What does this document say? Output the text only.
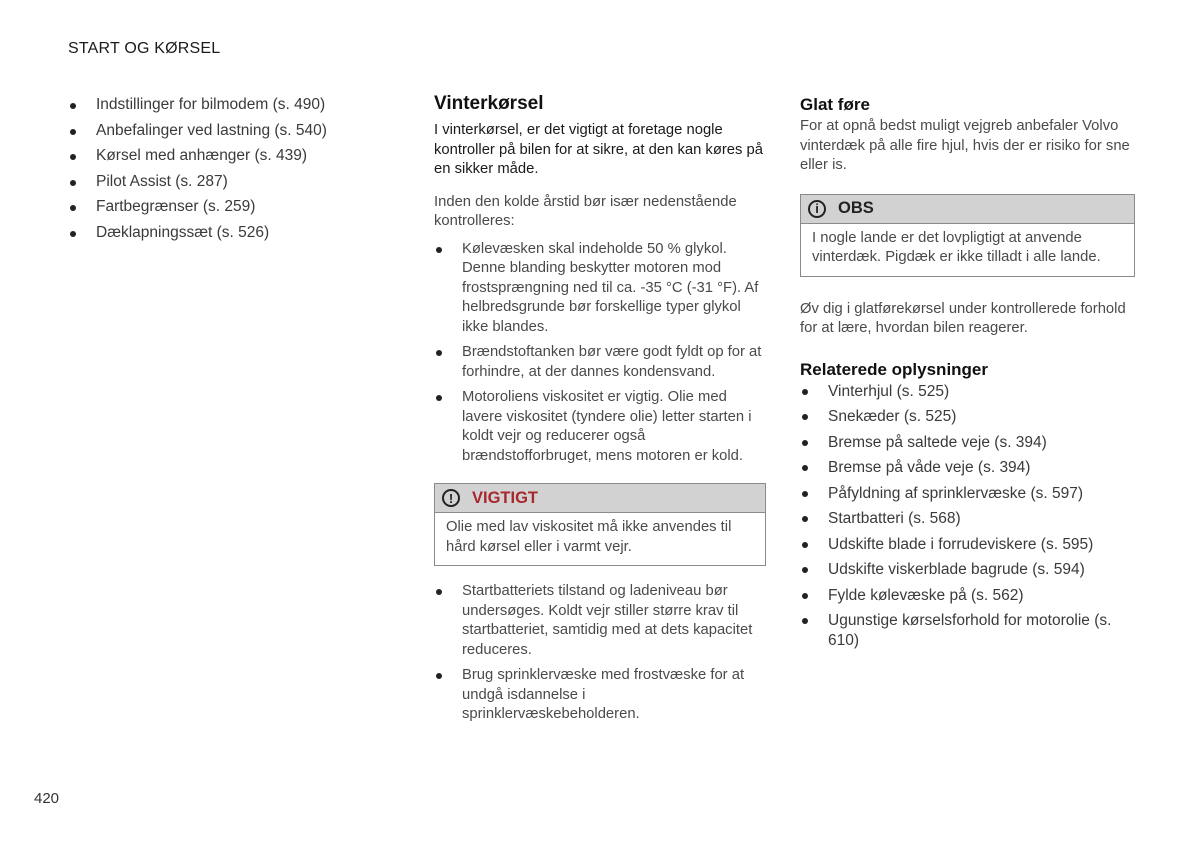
START OG KØRSEL
Indstillinger for bilmodem (s. 490)
Anbefalinger ved lastning (s. 540)
Kørsel med anhænger (s. 439)
Pilot Assist (s. 287)
Fartbegrænser (s. 259)
Dæklapningssæt (s. 526)
Vinterkørsel

I vinterkørsel, er det vigtigt at foretage nogle kontroller på bilen for at sikre, at den kan køres på en sikker måde.

Inden den kolde årstid bør især nedenstående kontrolleres:

Kølevæsken skal indeholde 50 % glykol. Denne blanding beskytter motoren mod frostsprængning ned til ca. -35 °C (-31 °F). Af helbredsgrunde bør forskellige typer glykol ikke blandes.
Brændstoftanken bør være godt fyldt op for at forhindre, at der dannes kondensvand.
Motoroliens viskositet er vigtig. Olie med lavere viskositet (tyndere olie) letter starten i koldt vejr og reducerer også brændstofforbruget, mens motoren er kold.
!	VIGTIGT
Olie med lav viskositet må ikke anvendes til hård kørsel eller i varmt vejr.
Startbatteriets tilstand og ladeniveau bør undersøges. Koldt vejr stiller større krav til startbatteriet, samtidig med at dets kapacitet reduceres.
Brug sprinklervæske med frostvæske for at undgå isdannelse i sprinklervæskebeholderen.
Glat føre

For at opnå bedst muligt vejgreb anbefaler Volvo vinterdæk på alle fire hjul, hvis der er risiko for sne eller is.

i	OBS
I nogle lande er det lovpligtigt at anvende vinterdæk. Pigdæk er ikke tilladt i alle lande.

Øv dig i glatførekørsel under kontrollerede forhold for at lære, hvordan bilen reagerer.

Relaterede oplysninger
Vinterhjul (s. 525)
Snekæder (s. 525)
Bremse på saltede veje (s. 394)
Bremse på våde veje (s. 394)
Påfyldning af sprinklervæske (s. 597)
Startbatteri (s. 568)
Udskifte blade i forrudeviskere (s. 595)
Udskifte viskerblade bagrude (s. 594)
Fylde kølevæske på (s. 562)
Ugunstige kørselsforhold for motorolie (s. 610)
420
